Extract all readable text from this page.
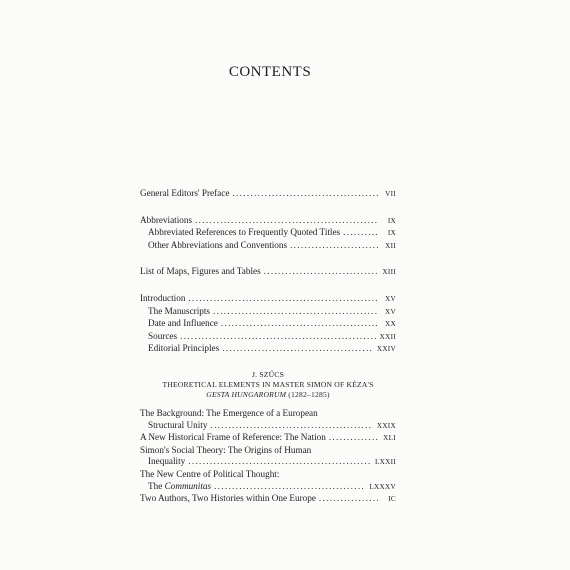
CONTENTS
General Editors' Preface . . .	VII
Abbreviations . . .	IX
Abbreviated References to Frequently Quoted Titles . . .	IX
Other Abbreviations and Conventions . . .	XII
List of Maps, Figures and Tables . . .	XIII
Introduction . . .	XV
The Manuscripts . . .	XV
Date and Influence . . .	XX
Sources . . .	XXII
Editorial Principles . . .	XXIV
J. SZŰCS
THEORETICAL ELEMENTS IN MASTER SIMON OF KÉZA'S
GESTA HUNGARORUM (1282–1285)
The Background: The Emergence of a European
Structural Unity . . .	XXIX
A New Historical Frame of Reference: The Nation . . .	XLI
Simon's Social Theory: The Origins of Human
Inequality . . .	LXXII
The New Centre of Political Thought:
The Communitas . . .	LXXXV
Two Authors, Two Histories within One Europe . . .	IC
